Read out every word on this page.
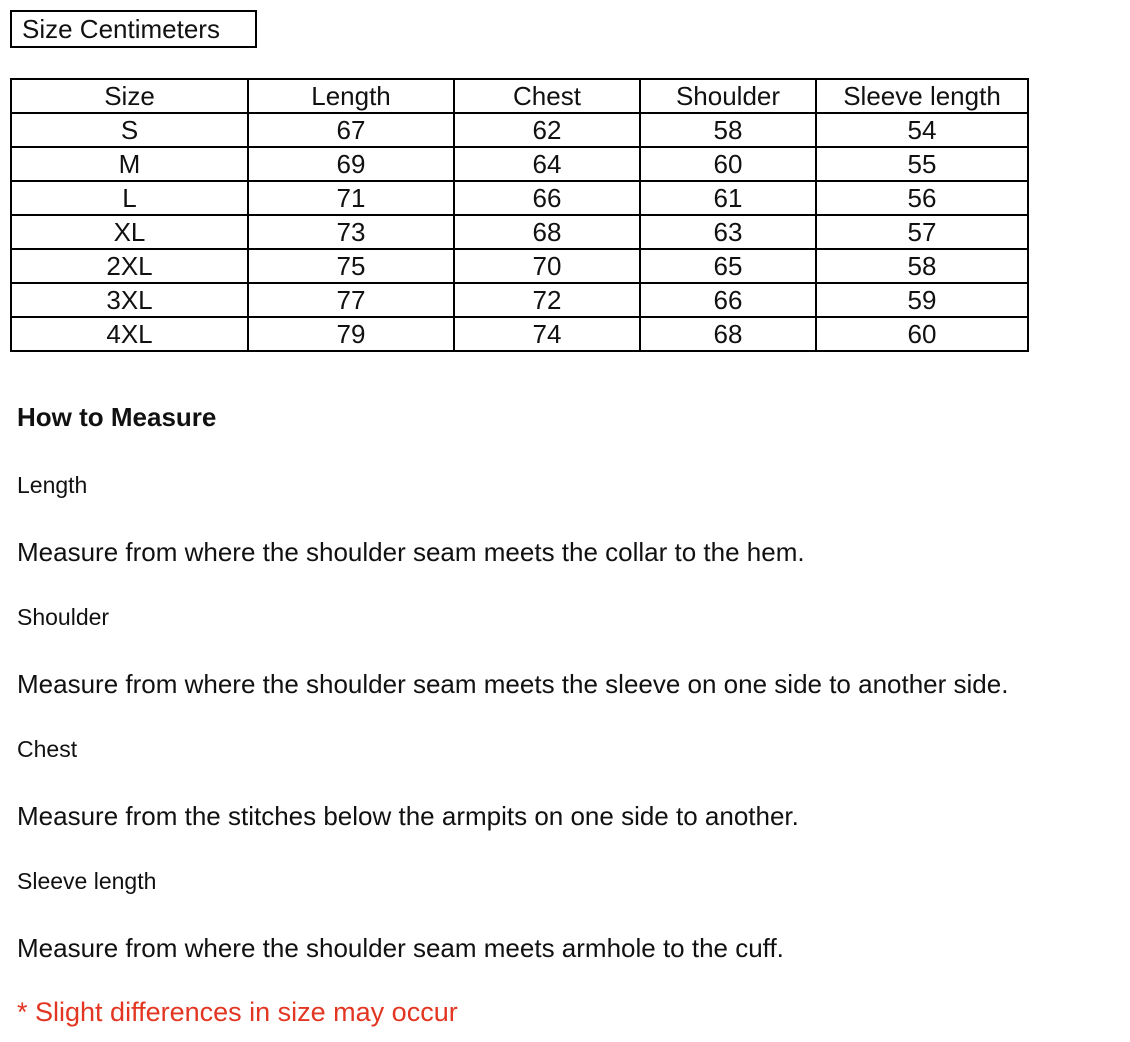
Size Centimeters
Size	Length	Chest	Shoulder	Sleeve length
S	67	62	58	54
M	69	64	60	55
L	71	66	61	56
XL	73	68	63	57
2XL	75	70	65	58
3XL	77	72	66	59
4XL	79	74	68	60
How to Measure
Length
Measure from where the shoulder seam meets the collar to the hem.
Shoulder
Measure from where the shoulder seam meets the sleeve on one side to another side.
Chest
Measure from the stitches below the armpits on one side to another.
Sleeve length
Measure from where the shoulder seam meets armhole to the cuff.
* Slight differences in size may occur
